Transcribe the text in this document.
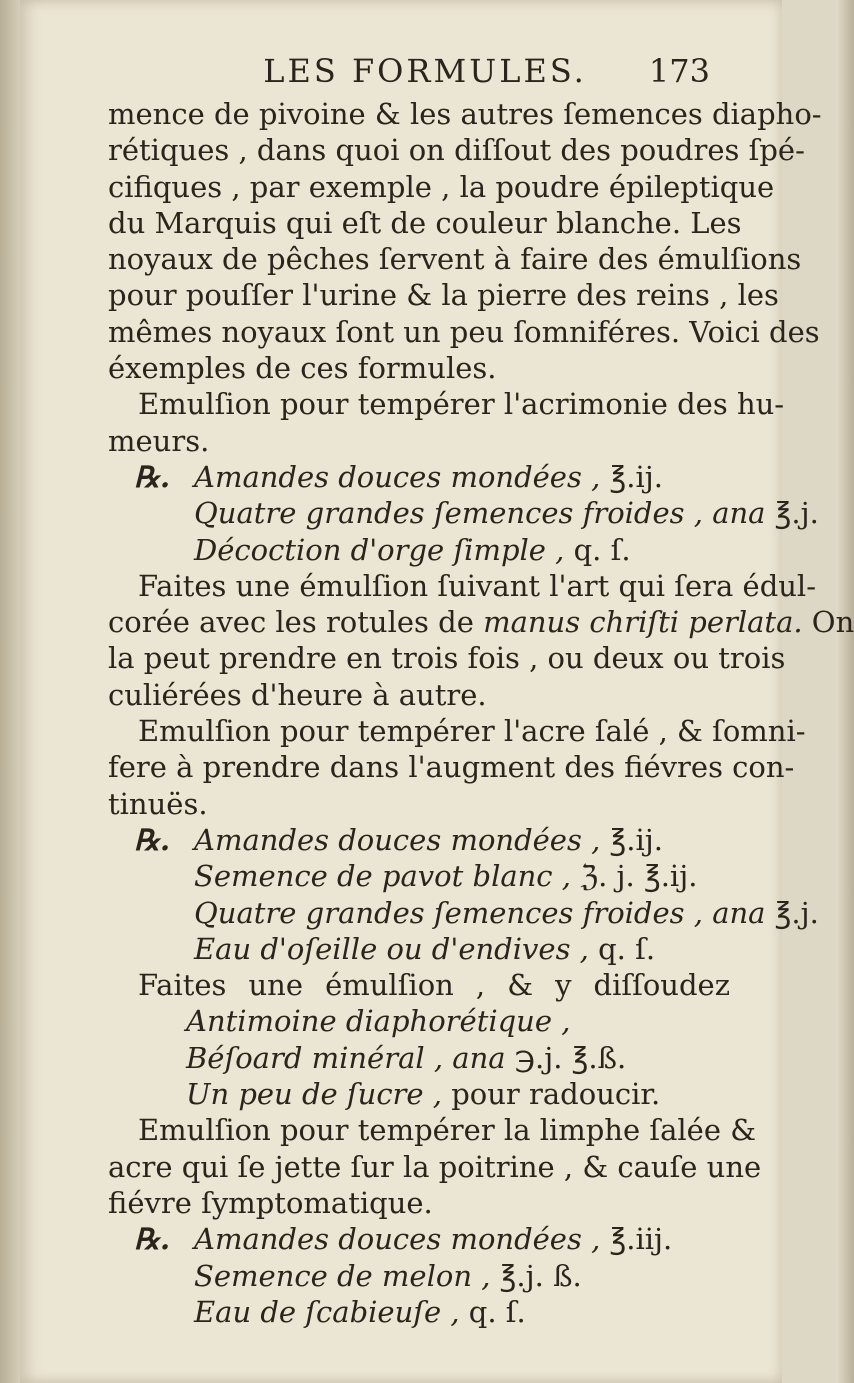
LES FORMULES. 173
mence de pivoine & les autres ſemences diapho-
rétiques , dans quoi on diſſout des poudres ſpé-
cifiques , par exemple , la poudre épileptique
du Marquis qui eſt de couleur blanche. Les
noyaux de pêches ſervent à faire des émulſions
pour pouſſer l'urine & la pierre des reins , les
mêmes noyaux ſont un peu ſomniféres. Voici des
éxemples de ces formules.
Emulſion pour tempérer l'acrimonie des hu-
meurs.
℞. Amandes douces mondées , ℥.ij.
Quatre grandes ſemences froides , ana ℥.j.
Décoction d'orge ſimple , q. ſ.
Faites une émulſion ſuivant l'art qui ſera édul-
corée avec les rotules de manus chriſti perlata. On
la peut prendre en trois fois , ou deux ou trois
culiérées d'heure à autre.
Emulſion pour tempérer l'acre ſalé , & ſomni-
fere à prendre dans l'augment des fiévres con-
tinuës.
℞. Amandes douces mondées , ℥.ij.
Semence de pavot blanc , ℨ. j. ℥.ij.
Quatre grandes ſemences froides , ana ℥.j.
Eau d'oſeille ou d'endives , q. ſ.
Faites une émulſion , & y diſſoudez
Antimoine diaphorétique ,
Béſoard minéral , ana ℈.j. ℥.ß.
Un peu de ſucre , pour radoucir.
Emulſion pour tempérer la limphe ſalée &
acre qui ſe jette ſur la poitrine , & cauſe une
fiévre ſymptomatique.
℞. Amandes douces mondées , ℥.iij.
Semence de melon , ℥.j. ß.
Eau de ſcabieuſe , q. ſ.
